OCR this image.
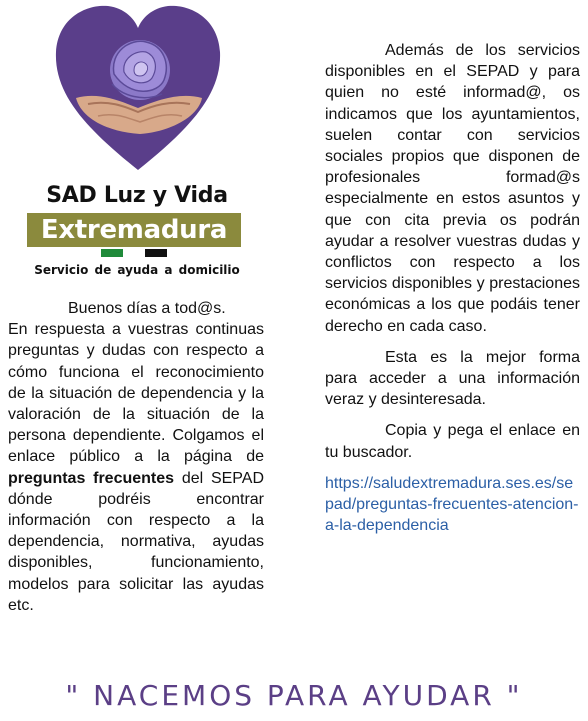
SAD Luz y Vida
Extremadura
Servicio de ayuda a domicilio

Buenos días a tod@s.

En respuesta a vuestras continuas preguntas y dudas con respecto a cómo funciona el reconocimiento de la situación de dependencia y la valoración de la situación de la persona dependiente. Colgamos el enlace público a la página de preguntas frecuentes del SEPAD dónde podréis encontrar información con respecto a la dependencia, normativa, ayudas disponibles, funcionamiento, modelos para solicitar las ayudas etc.

Además de los servicios disponibles en el SEPAD y para quien no esté informad@, os indicamos que los ayuntamientos, suelen contar con servicios sociales propios que disponen de profesionales formad@s especialmente en estos asuntos y que con cita previa os podrán ayudar a resolver vuestras dudas y conflictos con respecto a los servicios disponibles y prestaciones económicas a los que podáis tener derecho en cada caso.

Esta es la mejor forma para acceder a una información veraz y desinteresada.

Copia y pega el enlace en tu buscador.

https://saludextremadura.ses.es/sepad/preguntas-frecuentes-atencion-a-la-dependencia

" NACEMOS PARA AYUDAR "
